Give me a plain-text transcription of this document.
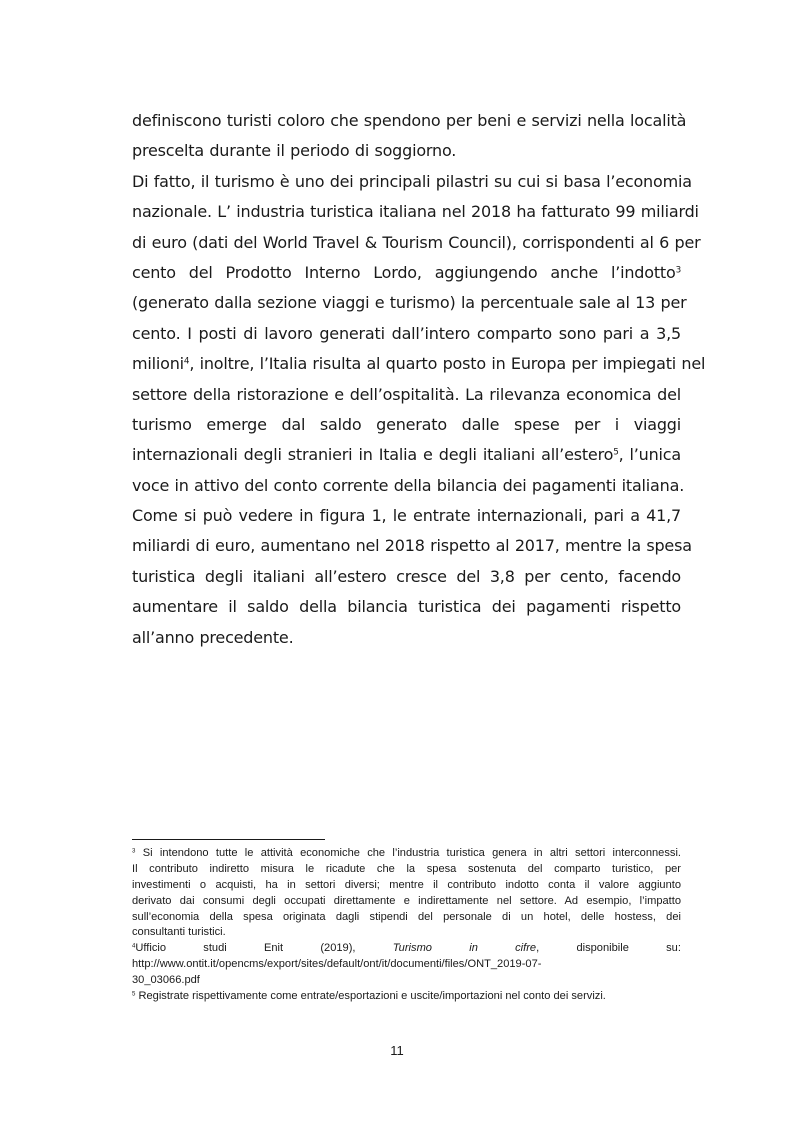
definiscono turisti coloro che spendono per beni e servizi nella località
prescelta durante il periodo di soggiorno.
Di fatto, il turismo è uno dei principali pilastri su cui si basa l’economia
nazionale. L’ industria turistica italiana nel 2018 ha fatturato 99 miliardi
di euro (dati del World Travel & Tourism Council), corrispondenti al 6 per
cento del Prodotto Interno Lordo, aggiungendo anche l’indotto$^3$
(generato dalla sezione viaggi e turismo) la percentuale sale al 13 per
cento. I posti di lavoro generati dall’intero comparto sono pari a 3,5
milioni$^4$, inoltre, l’Italia risulta al quarto posto in Europa per impiegati nel
settore della ristorazione e dell’ospitalità. La rilevanza economica del
turismo emerge dal saldo generato dalle spese per i viaggi
internazionali degli stranieri in Italia e degli italiani all’estero$^5$, l’unica
voce in attivo del conto corrente della bilancia dei pagamenti italiana.
Come si può vedere in figura 1, le entrate internazionali, pari a 41,7
miliardi di euro, aumentano nel 2018 rispetto al 2017, mentre la spesa
turistica degli italiani all’estero cresce del 3,8 per cento, facendo
aumentare il saldo della bilancia turistica dei pagamenti rispetto
all’anno precedente.
$^3$ Si intendono tutte le attività economiche che l’industria turistica genera in altri settori interconnessi.
Il contributo indiretto misura le ricadute che la spesa sostenuta del comparto turistico, per
investimenti o acquisti, ha in settori diversi; mentre il contributo indotto conta il valore aggiunto
derivato dai consumi degli occupati direttamente e indirettamente nel settore. Ad esempio, l’impatto
sull’economia della spesa originata dagli stipendi del personale di un hotel, delle hostess, dei
consultanti turistici.
$^4$Ufficio	studi	Enit	(2019),	Turismo	in	cifre,	disponibile	su:
http://www.ontit.it/opencms/export/sites/default/ont/it/documenti/files/ONT_2019-07-
30_03066.pdf
$^5$ Registrate rispettivamente come entrate/esportazioni e uscite/importazioni nel conto dei servizi.
11
